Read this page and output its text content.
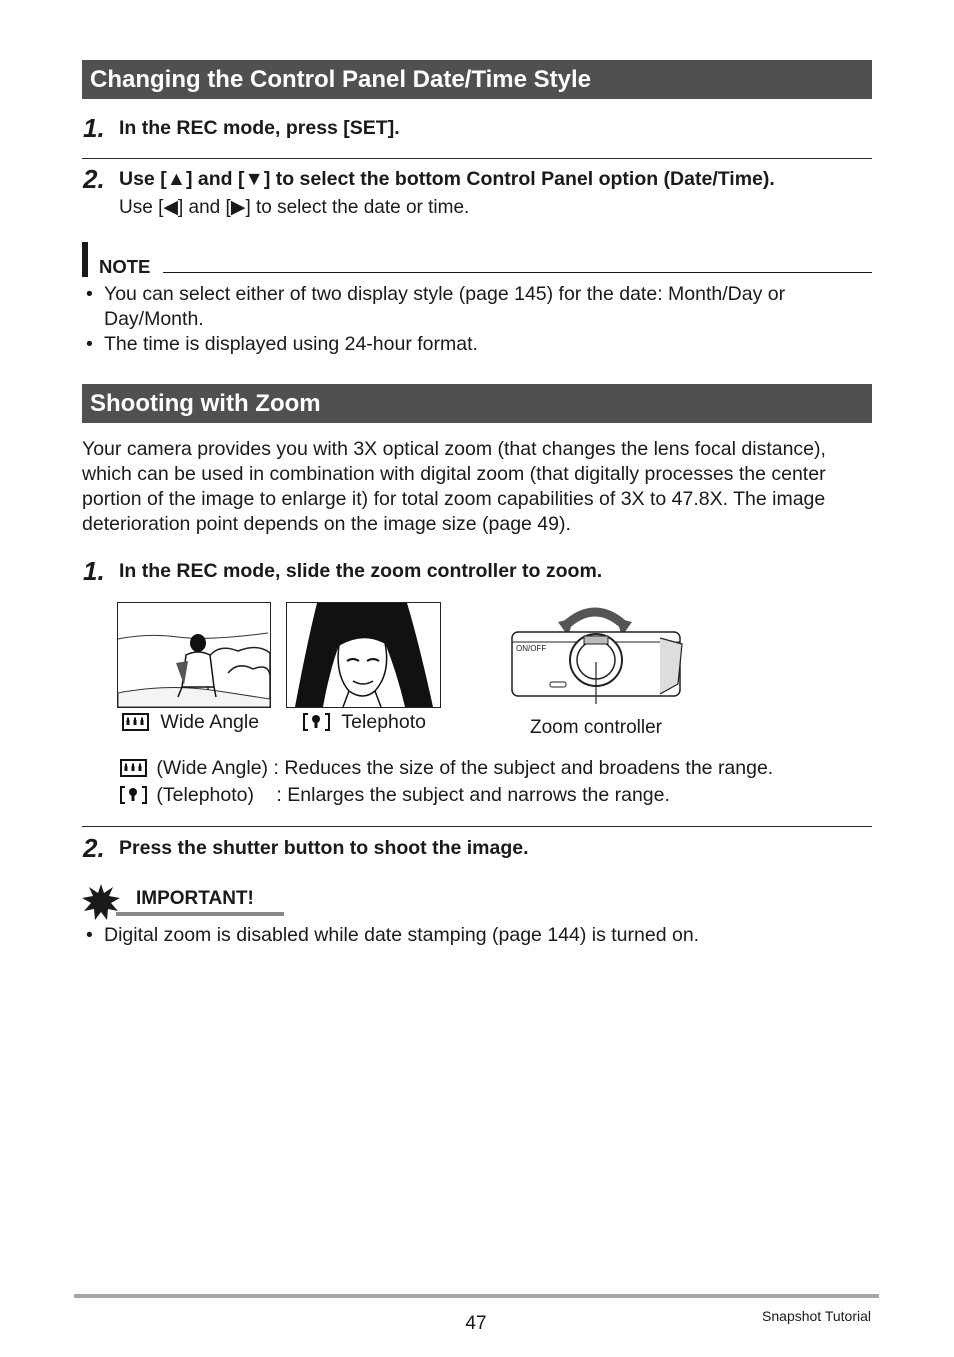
Changing the Control Panel Date/Time Style
1. In the REC mode, press [SET].
2. Use [▲] and [▼] to select the bottom Control Panel option (Date/Time).
Use [◀] and [▶] to select the date or time.
NOTE
• You can select either of two display style (page 145) for the date: Month/Day or Day/Month.
• The time is displayed using 24-hour format.
Shooting with Zoom
Your camera provides you with 3X optical zoom (that changes the lens focal distance), which can be used in combination with digital zoom (that digitally processes the center portion of the image to enlarge it) for total zoom capabilities of 3X to 47.8X. The image deterioration point depends on the image size (page 49).
1. In the REC mode, slide the zoom controller to zoom.
ON/OFF
Wide Angle	Telephoto	Zoom controller
(Wide Angle) : Reduces the size of the subject and broadens the range.
(Telephoto) : Enlarges the subject and narrows the range.
2. Press the shutter button to shoot the image.
IMPORTANT!
• Digital zoom is disabled while date stamping (page 144) is turned on.
47	Snapshot Tutorial
